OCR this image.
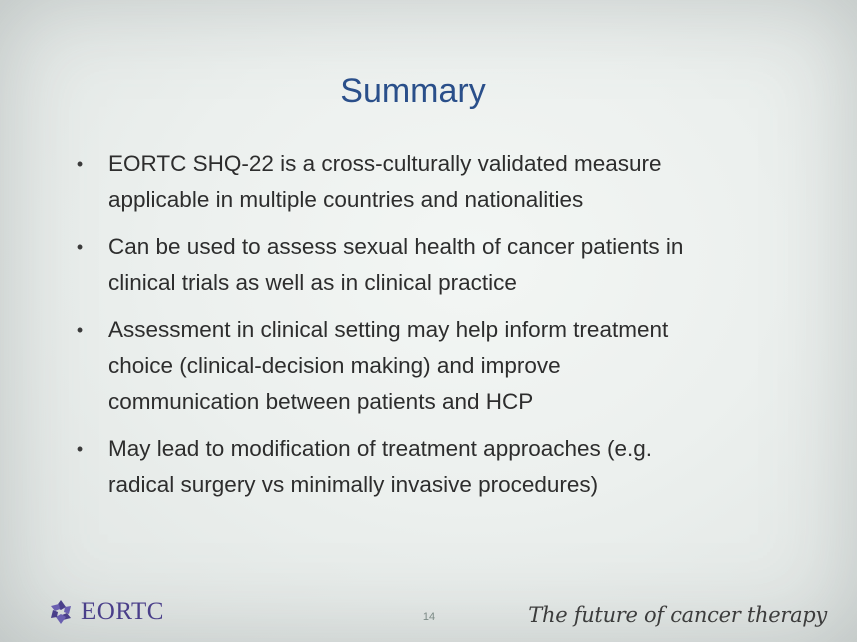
Summary
• EORTC SHQ-22 is a cross-culturally validated measure
applicable in multiple countries and nationalities
• Can be used to assess sexual health of cancer patients in
clinical trials as well as in clinical practice
• Assessment in clinical setting may help inform treatment
choice (clinical-decision making) and improve
communication between patients and HCP
• May lead to modification of treatment approaches (e.g.
radical surgery vs minimally invasive procedures)
EORTC	14	The future of cancer therapy
